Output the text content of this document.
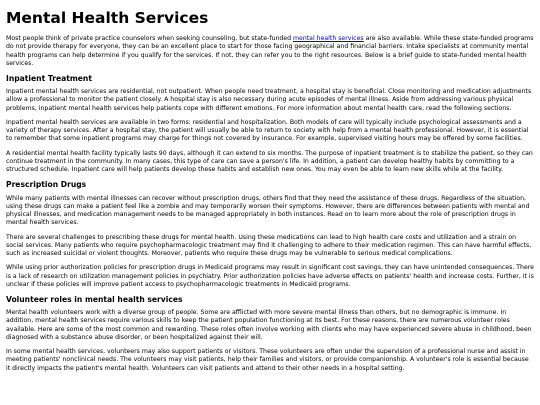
Mental Health Services

Most people think of private practice counselors when seeking counseling, but state-funded mental health services are also available. While these state-funded programs do not provide therapy for everyone, they can be an excellent place to start for those facing geographical and financial barriers. Intake specialists at community mental health programs can help determine if you qualify for the services. If not, they can refer you to the right resources. Below is a brief guide to state-funded mental health services.

Inpatient Treatment

Inpatient mental health services are residential, not outpatient. When people need treatment, a hospital stay is beneficial. Close monitoring and medication adjustments allow a professional to monitor the patient closely. A hospital stay is also necessary during acute episodes of mental illness. Aside from addressing various physical problems, inpatient mental health services help patients cope with different emotions. For more information about mental health care, read the following sections.

Inpatient mental health services are available in two forms: residential and hospitalization. Both models of care will typically include psychological assessments and a variety of therapy services. After a hospital stay, the patient will usually be able to return to society with help from a mental health professional. However, it is essential to remember that some inpatient programs may charge for things not covered by insurance. For example, supervised visiting hours may be offered by some facilities.

A residential mental health facility typically lasts 90 days, although it can extend to six months. The purpose of inpatient treatment is to stabilize the patient, so they can continue treatment in the community. In many cases, this type of care can save a person's life. In addition, a patient can develop healthy habits by committing to a structured schedule. Inpatient care will help patients develop these habits and establish new ones. You may even be able to learn new skills while at the facility.

Prescription Drugs

While many patients with mental illnesses can recover without prescription drugs, others find that they need the assistance of these drugs. Regardless of the situation, using these drugs can make a patient feel like a zombie and may temporarily worsen their symptoms. However, there are differences between patients with mental and physical illnesses, and medication management needs to be managed appropriately in both instances. Read on to learn more about the role of prescription drugs in mental health services.

There are several challenges to prescribing these drugs for mental health. Using these medications can lead to high health care costs and utilization and a strain on social services. Many patients who require psychopharmacologic treatment may find it challenging to adhere to their medication regimen. This can have harmful effects, such as increased suicidal or violent thoughts. Moreover, patients who require these drugs may be vulnerable to serious medical complications.

While using prior authorization policies for prescription drugs in Medicaid programs may result in significant cost savings, they can have unintended consequences. There is a lack of research on utilization management policies in psychiatry. Prior authorization policies have adverse effects on patients' health and increase costs. Further, it is unclear if these policies will improve patient access to psychopharmacologic treatments in Medicaid programs.

Volunteer roles in mental health services

Mental health volunteers work with a diverse group of people. Some are afflicted with more severe mental illness than others, but no demographic is immune. In addition, mental health services require various skills to keep the patient population functioning at its best. For these reasons, there are numerous volunteer roles available. Here are some of the most common and rewarding. These roles often involve working with clients who may have experienced severe abuse in childhood, been diagnosed with a substance abuse disorder, or been hospitalized against their will.

In some mental health services, volunteers may also support patients or visitors. These volunteers are often under the supervision of a professional nurse and assist in meeting patients' nonclinical needs. The volunteers may visit patients, help their families and visitors, or provide companionship. A volunteer's role is essential because it directly impacts the patient's mental health. Volunteers can visit patients and attend to their other needs in a hospital setting.
